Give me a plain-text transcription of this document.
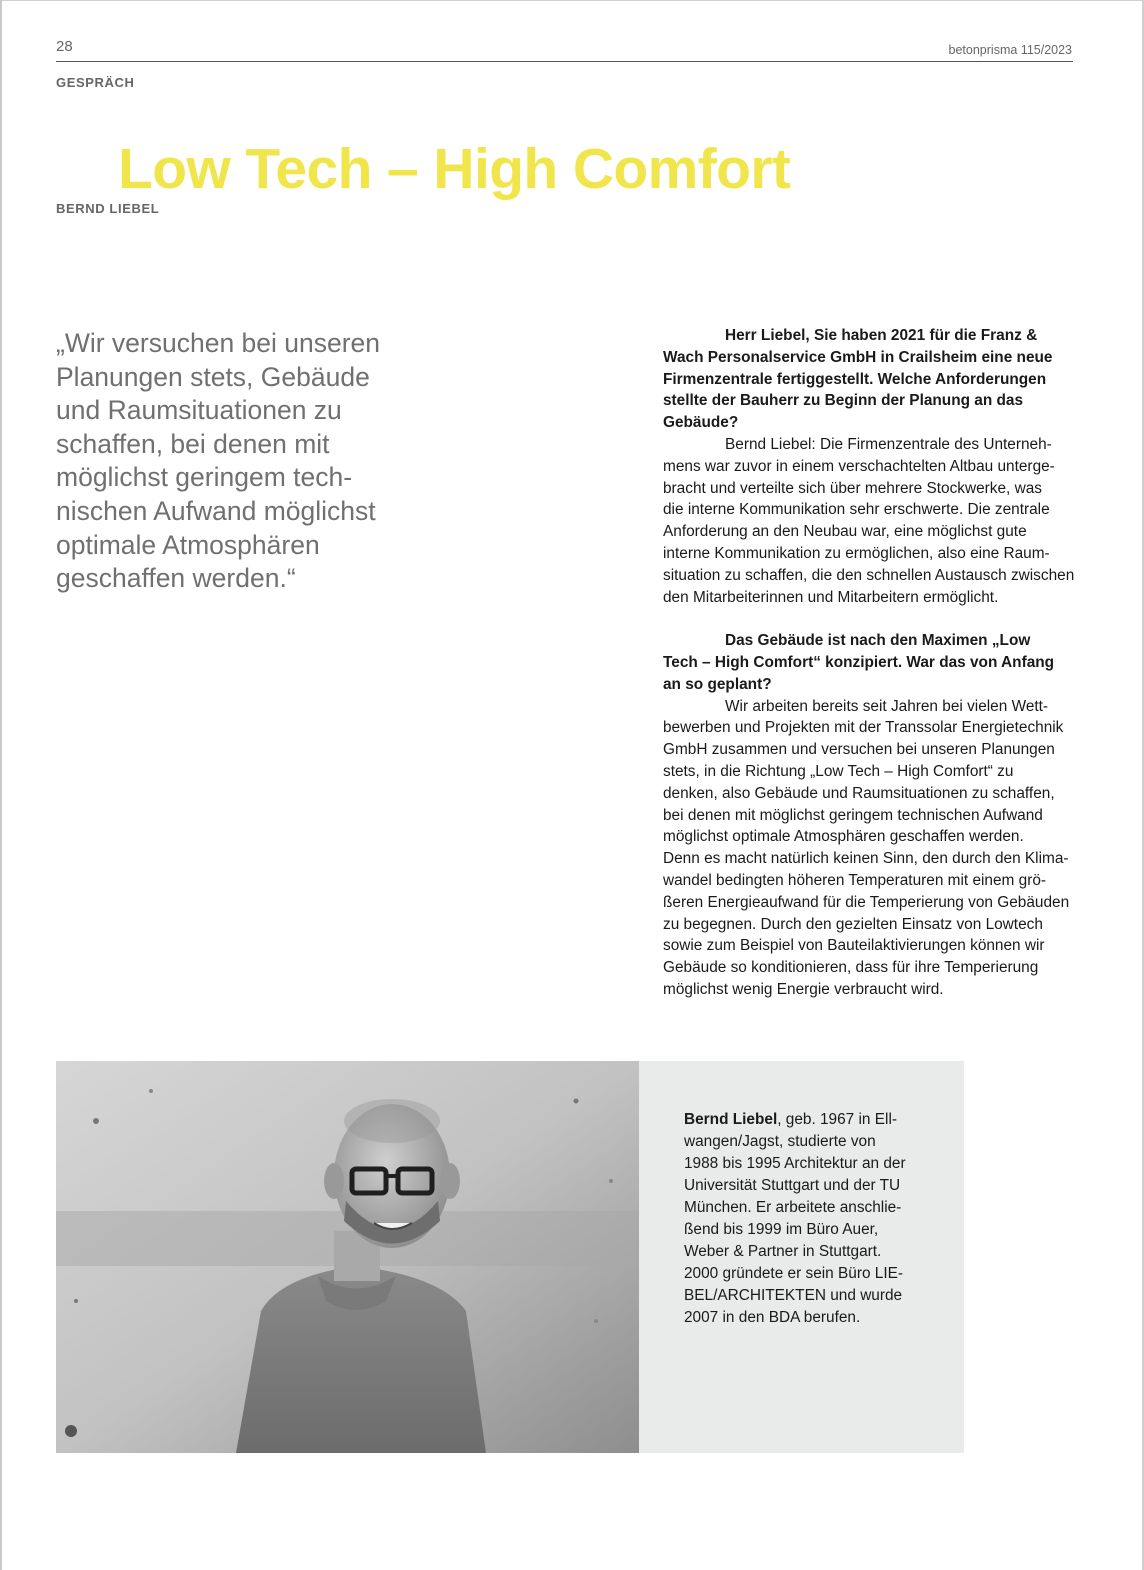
28	betonprisma 115/2023
GESPRÄCH
Low Tech – High Comfort
BERND LIEBEL

„Wir versuchen bei unseren
Planungen stets, Gebäude
und Raumsituationen zu
schaffen, bei denen mit
möglichst geringem tech-
nischen Aufwand möglichst
optimale Atmosphären
geschaffen werden.“

Herr Liebel, Sie haben 2021 für die Franz &
Wach Personalservice GmbH in Crailsheim eine neue
Firmenzentrale fertiggestellt. Welche Anforderungen
stellte der Bauherr zu Beginn der Planung an das
Gebäude?
Bernd Liebel: Die Firmenzentrale des Unterneh-
mens war zuvor in einem verschachtelten Altbau unterge-
bracht und verteilte sich über mehrere Stockwerke, was
die interne Kommunikation sehr erschwerte. Die zentrale
Anforderung an den Neubau war, eine möglichst gute
interne Kommunikation zu ermöglichen, also eine Raum-
situation zu schaffen, die den schnellen Austausch zwischen
den Mitarbeiterinnen und Mitarbeitern ermöglicht.
Das Gebäude ist nach den Maximen „Low
Tech – High Comfort“ konzipiert. War das von Anfang
an so geplant?
Wir arbeiten bereits seit Jahren bei vielen Wett-
bewerben und Projekten mit der Transsolar Energietechnik
GmbH zusammen und versuchen bei unseren Planungen
stets, in die Richtung „Low Tech – High Comfort“ zu
denken, also Gebäude und Raumsituationen zu schaffen,
bei denen mit möglichst geringem technischen Aufwand
möglichst optimale Atmosphären geschaffen werden.
Denn es macht natürlich keinen Sinn, den durch den Klima-
wandel bedingten höheren Temperaturen mit einem grö-
ßeren Energieaufwand für die Temperierung von Gebäuden
zu begegnen. Durch den gezielten Einsatz von Lowtech
sowie zum Beispiel von Bauteilaktivierungen können wir
Gebäude so konditionieren, dass für ihre Temperierung
möglichst wenig Energie verbraucht wird.
Bernd Liebel, geb. 1967 in Ell-
wangen/Jagst, studierte von
1988 bis 1995 Architektur an der
Universität Stuttgart und der TU
München. Er arbeitete anschlie-
ßend bis 1999 im Büro Auer,
Weber & Partner in Stuttgart.
2000 gründete er sein Büro LIE-
BEL/ARCHITEKTEN und wurde
2007 in den BDA berufen.
